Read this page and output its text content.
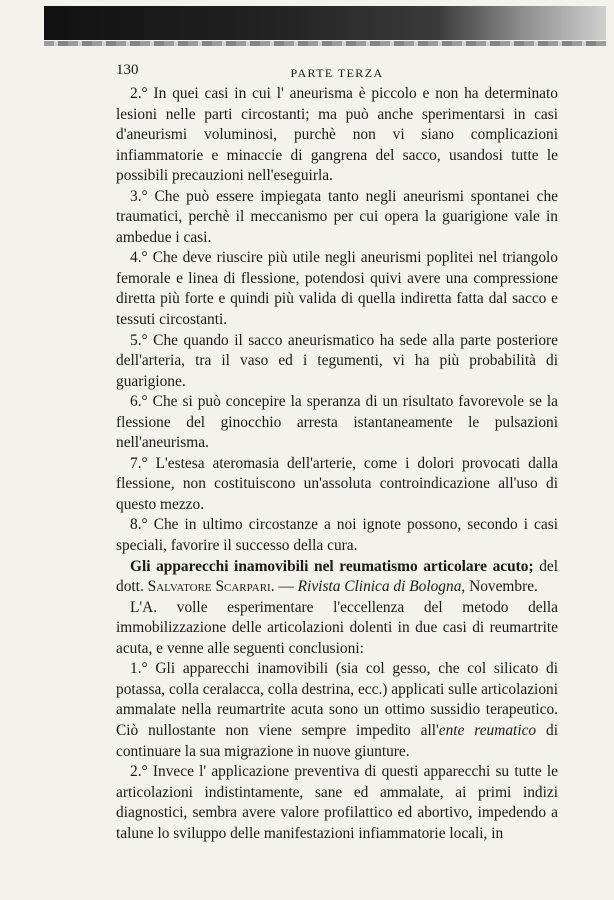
130	PARTE TERZA

2.° In quei casi in cui l' aneurisma è piccolo e non ha determinato lesioni nelle parti circostanti; ma può anche sperimentarsi in casi d'aneurismi voluminosi, purchè non vi siano complicazioni infiammatorie e minaccie di gangrena del sacco, usandosi tutte le possibili precauzioni nell'eseguirla.

3.° Che può essere impiegata tanto negli aneurismi spontanei che traumatici, perchè il meccanismo per cui opera la guarigione vale in ambedue i casi.

4.° Che deve riuscire più utile negli aneurismi poplitei nel triangolo femorale e linea di flessione, potendosi quivi avere una compressione diretta più forte e quindi più valida di quella indiretta fatta dal sacco e tessuti circostanti.

5.° Che quando il sacco aneurismatico ha sede alla parte posteriore dell'arteria, tra il vaso ed i tegumenti, vi ha più probabilità di guarigione.

6.° Che si può concepire la speranza di un risultato favorevole se la flessione del ginocchio arresta istantaneamente le pulsazioni nell'aneurisma.

7.° L'estesa ateromasia dell'arterie, come i dolori provocati dalla flessione, non costituiscono un'assoluta controindicazione all'uso di questo mezzo.

8.° Che in ultimo circostanze a noi ignote possono, secondo i casi speciali, favorire il successo della cura.

Gli apparecchi inamovibili nel reumatismo articolare acuto; del dott. Salvatore Scarpari. — Rivista Clinica di Bologna, Novembre.

L'A. volle esperimentare l'eccellenza del metodo della immobilizzazione delle articolazioni dolenti in due casi di reumartrite acuta, e venne alle seguenti conclusioni:

1.° Gli apparecchi inamovibili (sia col gesso, che col silicato di potassa, colla ceralacca, colla destrina, ecc.) applicati sulle articolazioni ammalate nella reumartrite acuta sono un ottimo sussidio terapeutico. Ciò nullostante non viene sempre impedito all'ente reumatico di continuare la sua migrazione in nuove giunture.

2.° Invece l' applicazione preventiva di questi apparecchi su tutte le articolazioni indistintamente, sane ed ammalate, ai primi indizi diagnostici, sembra avere valore profilattico ed abortivo, impedendo a talune lo sviluppo delle manifestazioni infiammatorie locali, in
